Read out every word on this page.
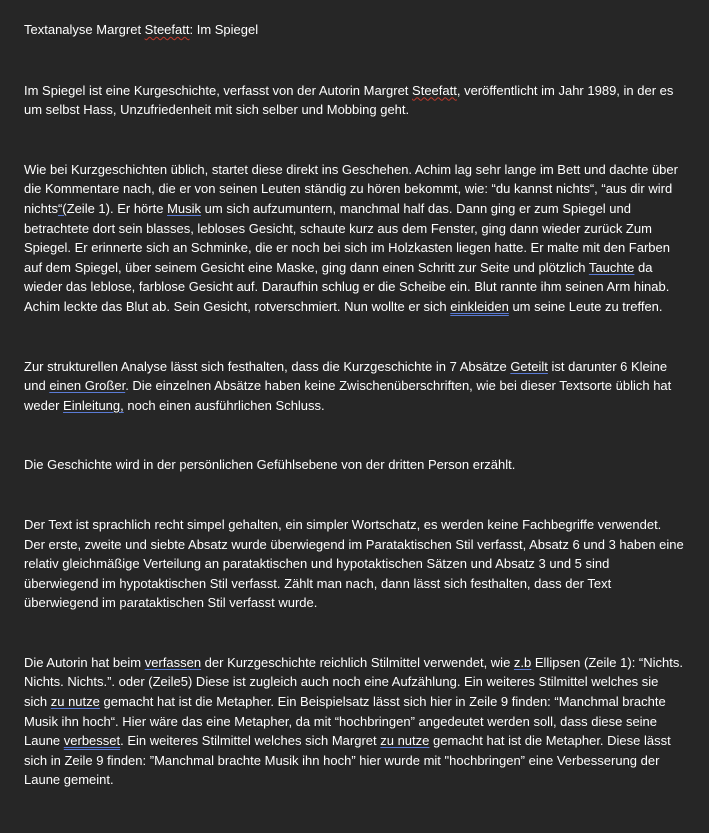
Textanalyse Margret Steefatt: Im Spiegel

Im Spiegel ist eine Kurgeschichte, verfasst von der Autorin Margret Steefatt, veröffentlicht im Jahr 1989, in der es um selbst Hass, Unzufriedenheit mit sich selber und Mobbing geht.

Wie bei Kurzgeschichten üblich, startet diese direkt ins Geschehen. Achim lag sehr lange im Bett und dachte über die Kommentare nach, die er von seinen Leuten ständig zu hören bekommt, wie: “du kannst nichts“, “aus dir wird nichts“(Zeile 1). Er hörte Musik um sich aufzumuntern, manchmal half das. Dann ging er zum Spiegel und betrachtete dort sein blasses, lebloses Gesicht, schaute kurz aus dem Fenster, ging dann wieder zurück Zum Spiegel. Er erinnerte sich an Schminke, die er noch bei sich im Holzkasten liegen hatte. Er malte mit den Farben auf dem Spiegel, über seinem Gesicht eine Maske, ging dann einen Schritt zur Seite und plötzlich Tauchte da wieder das leblose, farblose Gesicht auf. Daraufhin schlug er die Scheibe ein. Blut rannte ihm seinen Arm hinab. Achim leckte das Blut ab. Sein Gesicht, rotverschmiert. Nun wollte er sich einkleiden um seine Leute zu treffen.

Zur strukturellen Analyse lässt sich festhalten, dass die Kurzgeschichte in 7 Absätze Geteilt ist darunter 6 Kleine und einen Großer. Die einzelnen Absätze haben keine Zwischenüberschriften, wie bei dieser Textsorte üblich hat weder Einleitung, noch einen ausführlichen Schluss.

Die Geschichte wird in der persönlichen Gefühlsebene von der dritten Person erzählt.

Der Text ist sprachlich recht simpel gehalten, ein simpler Wortschatz, es werden keine Fachbegriffe verwendet. Der erste, zweite und siebte Absatz wurde überwiegend im Parataktischen Stil verfasst, Absatz 6 und 3 haben eine relativ gleichmäßige Verteilung an parataktischen und hypotaktischen Sätzen und Absatz 3 und 5 sind überwiegend im hypotaktischen Stil verfasst. Zählt man nach, dann lässt sich festhalten, dass der Text überwiegend im parataktischen Stil verfasst wurde.

Die Autorin hat beim verfassen der Kurzgeschichte reichlich Stilmittel verwendet, wie z.b Ellipsen (Zeile 1): “Nichts. Nichts. Nichts.”. oder (Zeile5) Diese ist zugleich auch noch eine Aufzählung. Ein weiteres Stilmittel welches sie sich zu nutze gemacht hat ist die Metapher. Ein Beispielsatz lässt sich hier in Zeile 9 finden: “Manchmal brachte Musik ihn hoch“. Hier wäre das eine Metapher, da mit “hochbringen” angedeutet werden soll, dass diese seine Laune verbesset. Ein weiteres Stilmittel welches sich Margret zu nutze gemacht hat ist die Metapher. Diese lässt sich in Zeile 9 finden: ”Manchmal brachte Musik ihn hoch” hier wurde mit "hochbringen” eine Verbesserung der Laune gemeint.
